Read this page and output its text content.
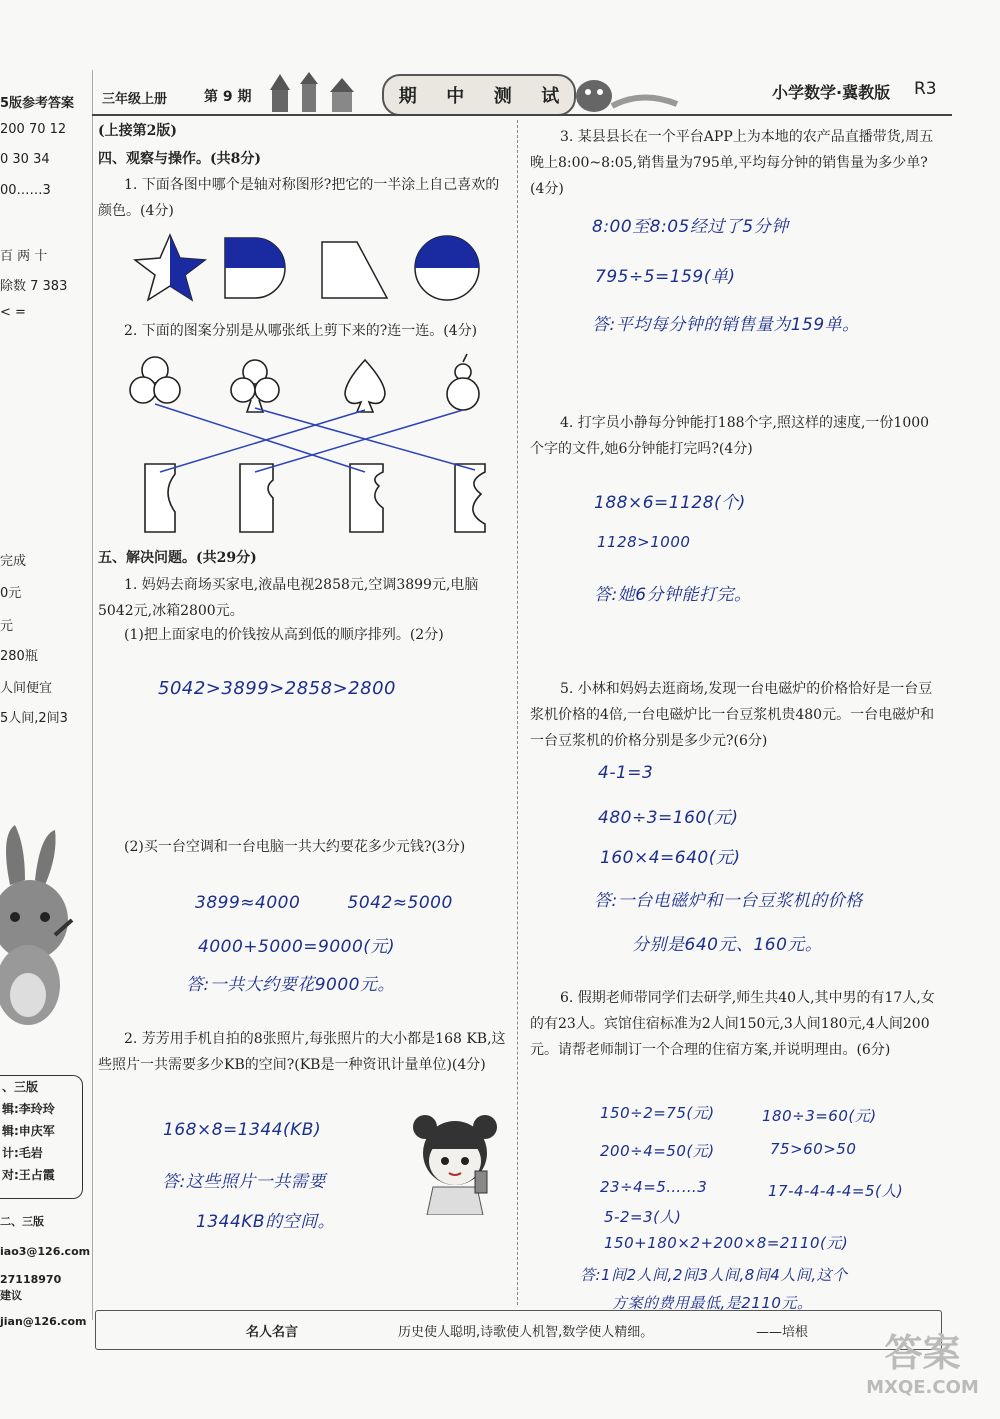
5版参考答案
200 70 12
0 30 34
00……3
百 两 十
除数 7 383
< =
完成
0元
元
280瓶
人间便宜
5人间,2间3
、三版
辑:李玲玲
辑:申庆军
计:毛岩
对:王占霞
二、三版
iao3@126.com
27118970
建议
jian@126.com
三年级上册	第 9 期	期 中 测 试	小学数学·冀教版 R3
(上接第2版)
四、观察与操作。(共8分)
1. 下面各图中哪个是轴对称图形?把它的一半涂上自己喜欢的颜色。(4分)
2. 下面的图案分别是从哪张纸上剪下来的?连一连。(4分)
五、解决问题。(共29分)
1. 妈妈去商场买家电,液晶电视2858元,空调3899元,电脑5042元,冰箱2800元。
(1)把上面家电的价钱按从高到低的顺序排列。(2分)
5042>3899>2858>2800
(2)买一台空调和一台电脑一共大约要花多少元钱?(3分)
3899≈4000        5042≈5000
4000+5000=9000(元)
答:一共大约要花9000元。
2. 芳芳用手机自拍的8张照片,每张照片的大小都是168 KB,这些照片一共需要多少KB的空间?(KB是一种资讯计量单位)(4分)
168×8=1344(KB)
答:这些照片一共需要
1344KB的空间。
3. 某县县长在一个平台APP上为本地的农产品直播带货,周五晚上8:00~8:05,销售量为795单,平均每分钟的销售量为多少单?(4分)
8:00至8:05经过了5分钟
795÷5=159(单)
答:平均每分钟的销售量为159单。
4. 打字员小静每分钟能打188个字,照这样的速度,一份1000个字的文件,她6分钟能打完吗?(4分)
188×6=1128(个)
1128>1000
答:她6分钟能打完。
5. 小林和妈妈去逛商场,发现一台电磁炉的价格恰好是一台豆浆机价格的4倍,一台电磁炉比一台豆浆机贵480元。一台电磁炉和一台豆浆机的价格分别是多少元?(6分)
4-1=3
480÷3=160(元)
160×4=640(元)
答:一台电磁炉和一台豆浆机的价格
分别是640元、160元。
6. 假期老师带同学们去研学,师生共40人,其中男的有17人,女的有23人。宾馆住宿标准为2人间150元,3人间180元,4人间200元。请帮老师制订一个合理的住宿方案,并说明理由。(6分)
150÷2=75(元)	180÷3=60(元)
200÷4=50(元)	75>60>50
23÷4=5……3	17-4-4-4-4=5(人)
5-2=3(人)
150+180×2+200×8=2110(元)
答:1间2人间,2间3人间,8间4人间,这个
方案的费用最低,是2110元。
名人名言	历史使人聪明,诗歌使人机智,数学使人精细。	——培根	答案
MXQE.COM
